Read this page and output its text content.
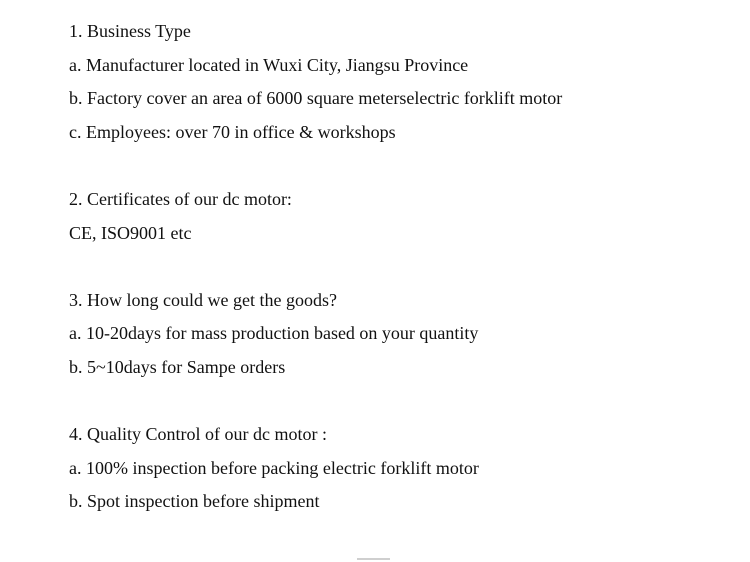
1. Business Type
a. Manufacturer located in Wuxi City, Jiangsu Province
b. Factory cover an area of 6000 square meterselectric forklift motor
c. Employees: over 70 in office & workshops
2. Certificates of our dc motor:
CE, ISO9001 etc
3. How long could we get the goods?
a. 10-20days for mass production based on your quantity
b. 5~10days for Sampe orders
4. Quality Control of our dc motor :
a. 100% inspection before packing electric forklift motor
b. Spot inspection before shipment
